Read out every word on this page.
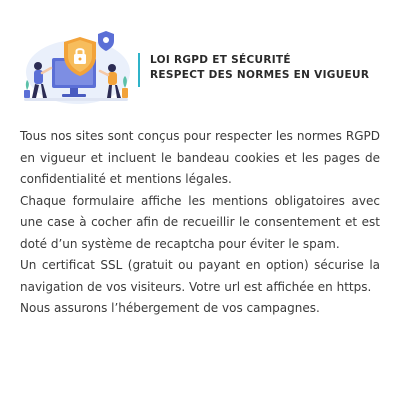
LOI RGPD ET SÉCURITÉ
RESPECT DES NORMES EN VIGUEUR

Tous nos sites sont conçus pour respecter les normes RGPD en vigueur et incluent le bandeau cookies et les pages de confidentialité et mentions légales.

Chaque formulaire affiche les mentions obligatoires avec une case à cocher afin de recueillir le consentement et est doté d’un système de recaptcha pour éviter le spam.

Un certificat SSL (gratuit ou payant en option) sécurise la navigation de vos visiteurs. Votre url est affichée en https.

Nous assurons l’hébergement de vos campagnes.
